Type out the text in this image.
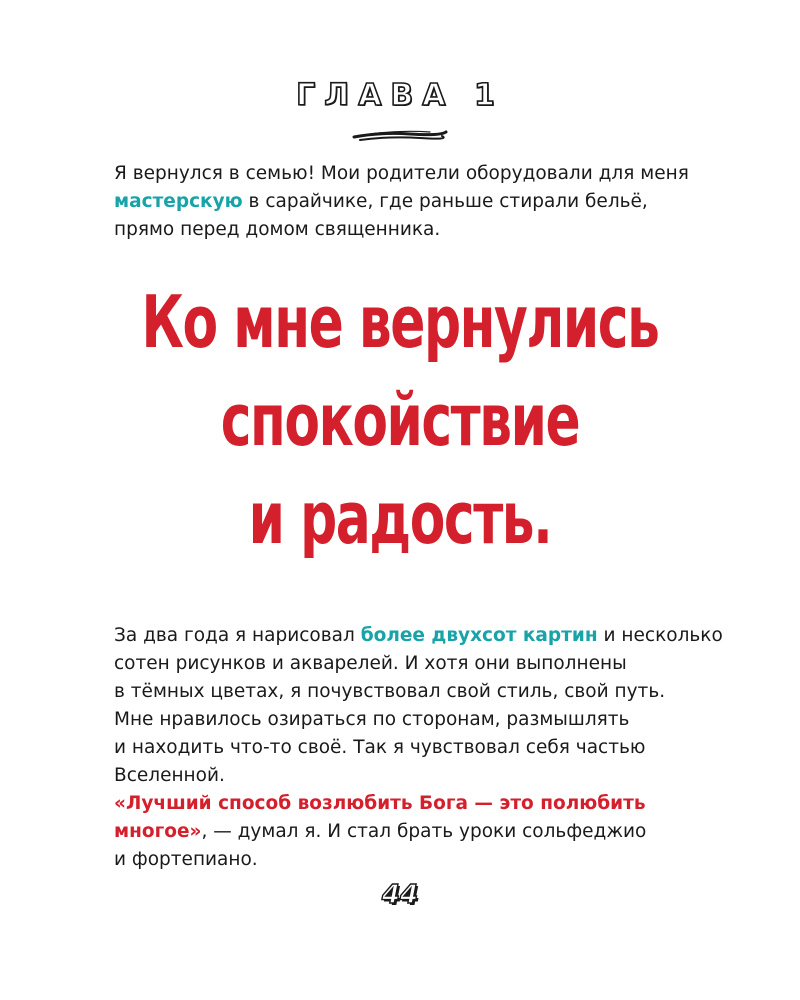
ГЛАВА 1

Я вернулся в семью! Мои родители оборудовали для меня
мастерскую в сарайчике, где раньше стирали бельё,
прямо перед домом священника.

Ко мне вернулись
спокойствие
и радость.

За два года я нарисовал более двухсот картин и несколько
сотен рисунков и акварелей. И хотя они выполнены
в тёмных цветах, я почувствовал свой стиль, свой путь.
Мне нравилось озираться по сторонам, размышлять
и находить что-то своё. Так я чувствовал себя частью
Вселенной.
«Лучший способ возлюбить Бога — это полюбить
многое», — думал я. И стал брать уроки сольфеджио
и фортепиано.

44
